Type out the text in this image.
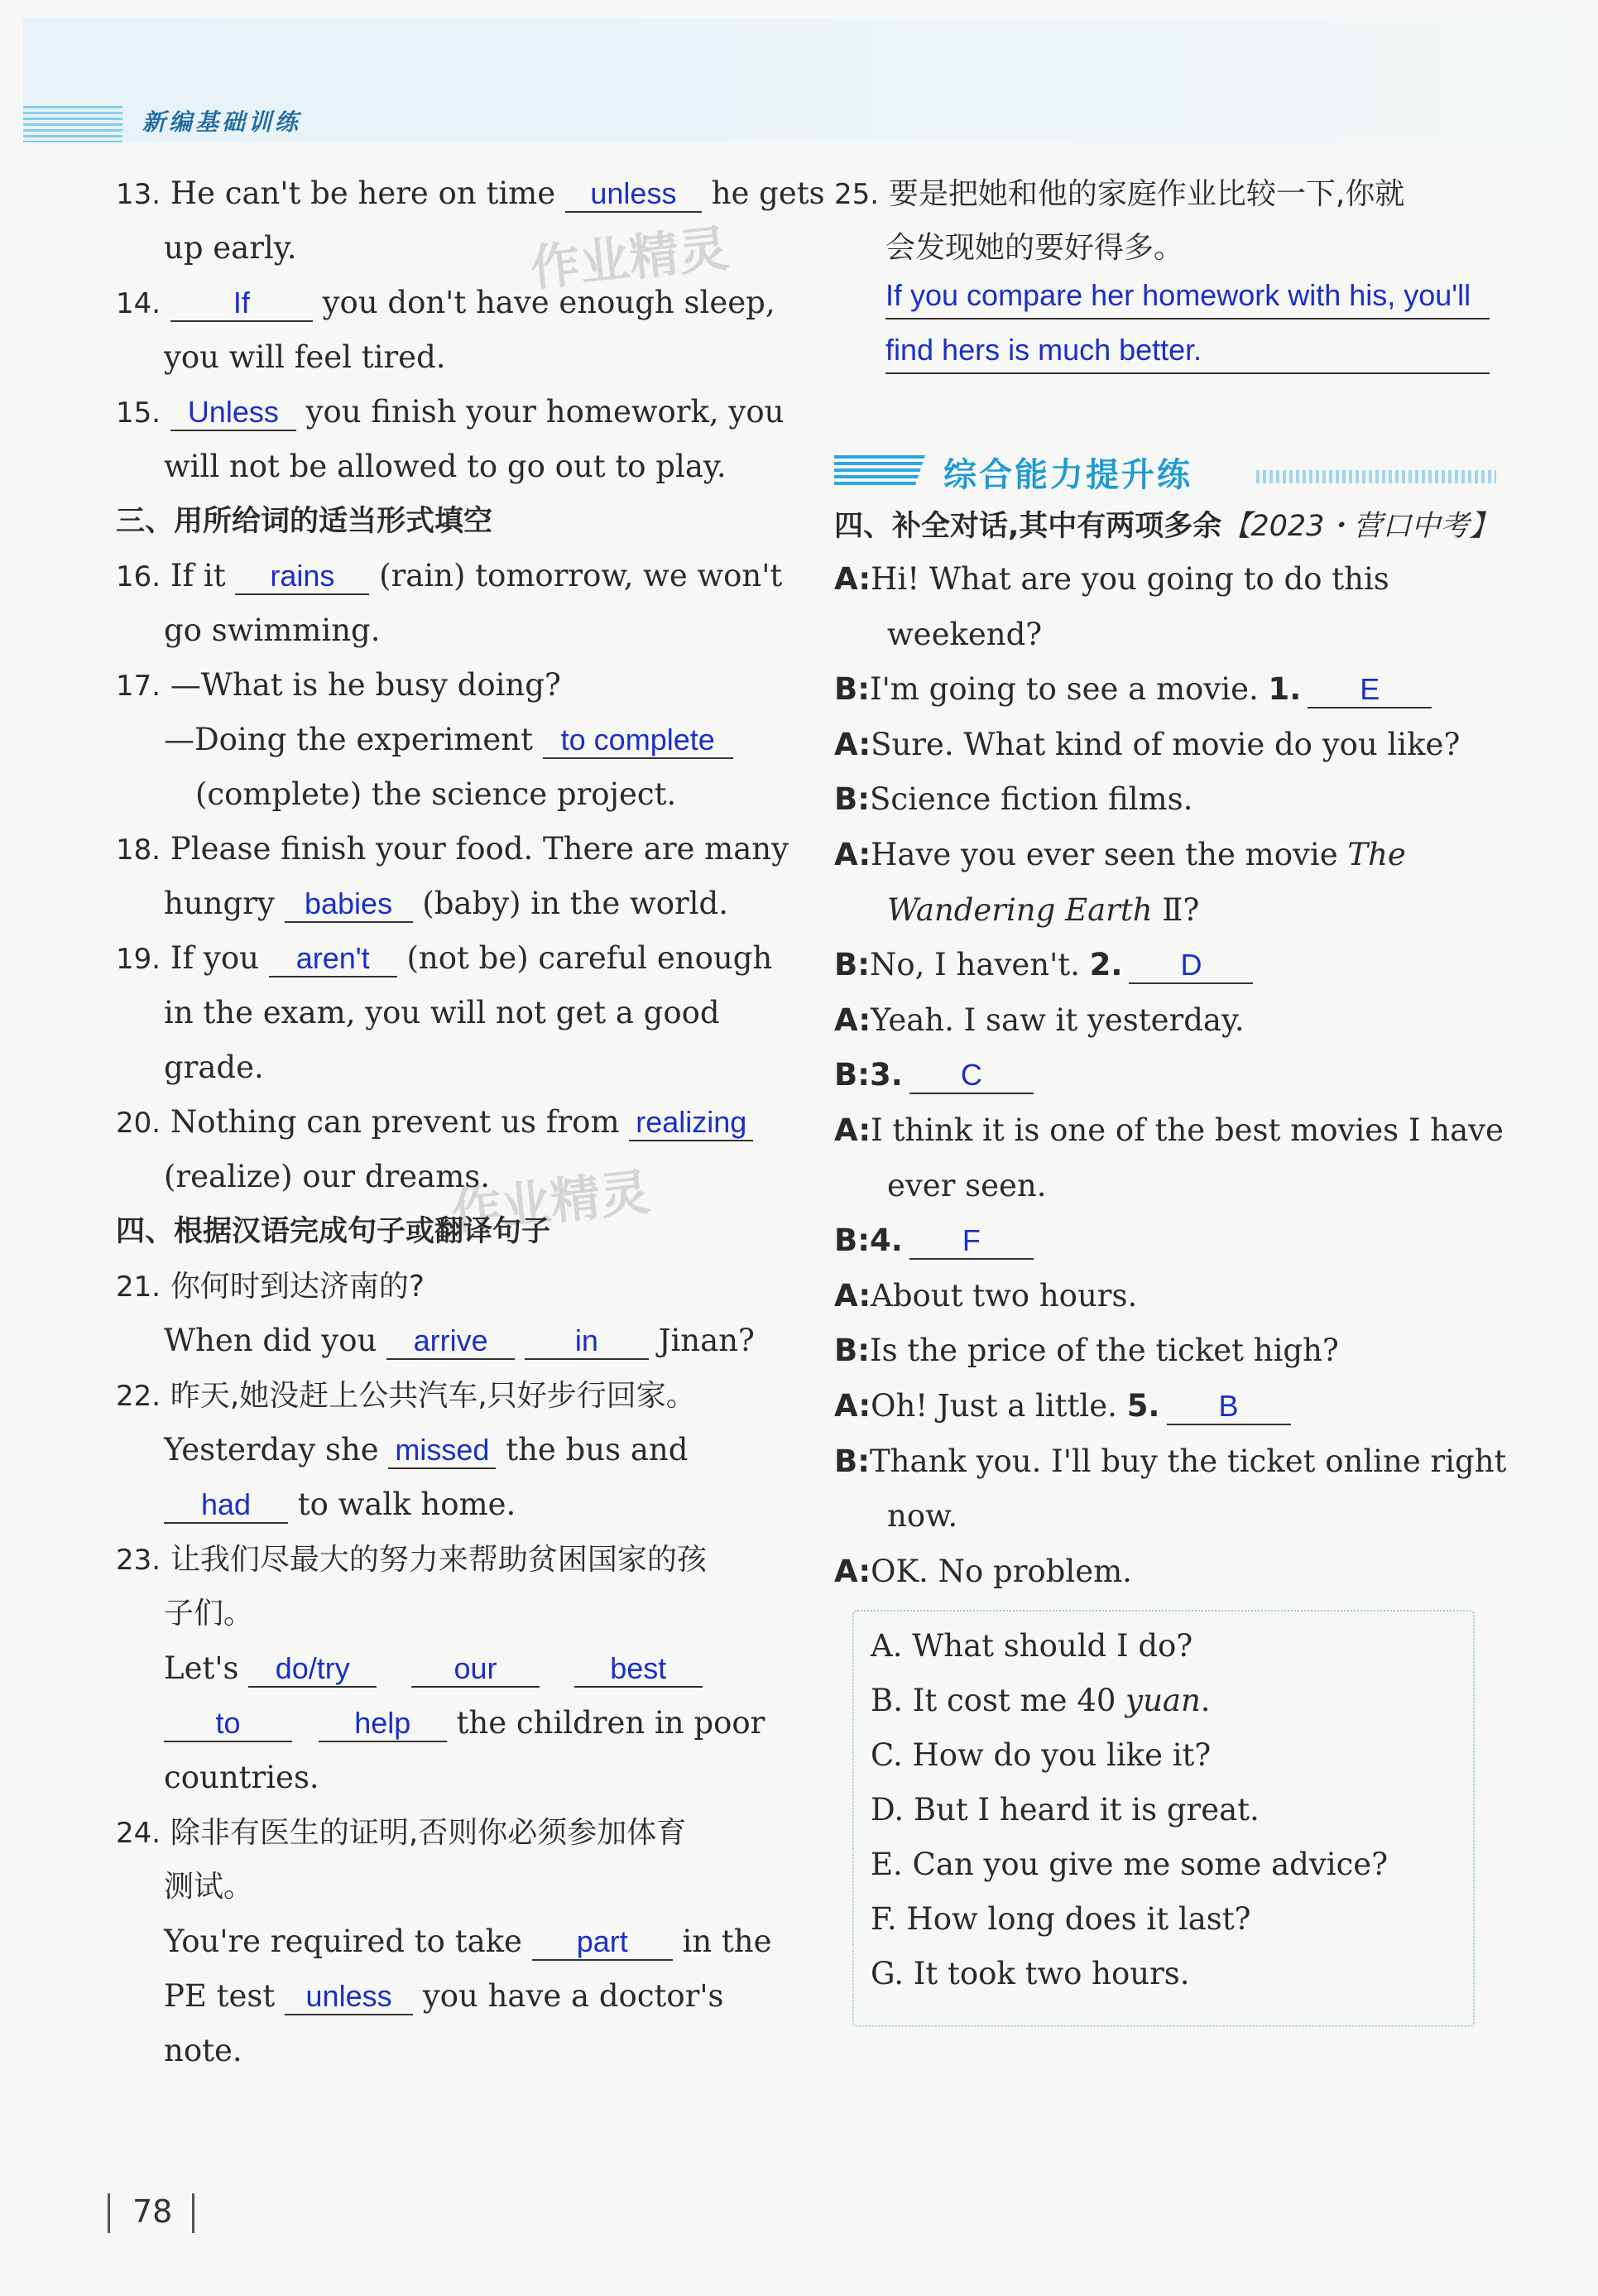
新编基础训练
作业精灵
作业精灵
13. He can't be here on time unless he gets
up early.
14. If you don't have enough sleep,
you will feel tired.
15. Unless you finish your homework, you
will not be allowed to go out to play.
三、用所给词的适当形式填空
16. If it rains (rain) tomorrow, we won't
go swimming.
17. —What is he busy doing?
—Doing the experiment to complete
(complete) the science project.
18. Please finish your food. There are many
hungry babies (baby) in the world.
19. If you aren't (not be) careful enough
in the exam, you will not get a good
grade.
20. Nothing can prevent us from realizing
(realize) our dreams.
四、根据汉语完成句子或翻译句子
21. 你何时到达济南的?
When did you arrive	in Jinan?
22. 昨天,她没赶上公共汽车,只好步行回家。
Yesterday she missed the bus and
had to walk home.
23. 让我们尽最大的努力来帮助贫困国家的孩
子们。
Let's do/try	our	best
to	help the children in poor
countries.
24. 除非有医生的证明,否则你必须参加体育
测试。
You're required to take part in the
PE test unless you have a doctor's
note.
25. 要是把她和他的家庭作业比较一下,你就
会发现她的要好得多。
If you compare her homework with his, you'll
find hers is much better.
综合能力提升练
四、补全对话,其中有两项多余【2023・营口中考】
A:Hi! What are you going to do this
weekend?
B:I'm going to see a movie. 1. E
A:Sure. What kind of movie do you like?
B:Science fiction films.
A:Have you ever seen the movie The
Wandering Earth Ⅱ?
B:No, I haven't. 2. D
A:Yeah. I saw it yesterday.
B:3. C
A:I think it is one of the best movies I have
ever seen.
B:4. F
A:About two hours.
B:Is the price of the ticket high?
A:Oh! Just a little. 5. B
B:Thank you. I'll buy the ticket online right
now.
A:OK. No problem.
A. What should I do?
B. It cost me 40 yuan.
C. How do you like it?
D. But I heard it is great.
E. Can you give me some advice?
F. How long does it last?
G. It took two hours.
78
